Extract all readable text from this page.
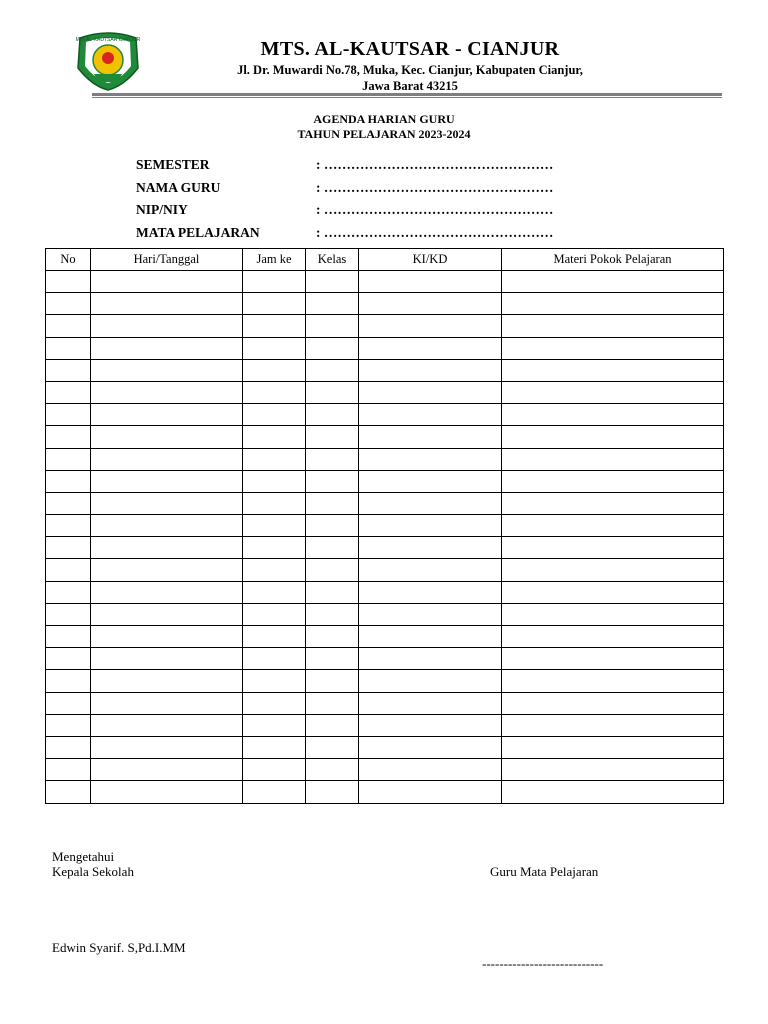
MTs AL-KAUTSAR CIANJUR	MTS. AL-KAUTSAR - CIANJUR
Jl. Dr. Muwardi No.78, Muka, Kec. Cianjur, Kabupaten Cianjur,
Jawa Barat 43215
AGENDA HARIAN GURU
TAHUN PELAJARAN 2023-2024
SEMESTER	: ……………………………………………
NAMA GURU	: ……………………………………………
NIP/NIY	: ……………………………………………
MATA PELAJARAN	: ……………………………………………
No	Hari/Tanggal	Jam ke	Kelas	KI/KD	Materi Pokok Pelajaran

Mengetahui
Kepala Sekolah
Edwin Syarif. S,Pd.I.MM
Guru Mata Pelajaran
----------------------------
